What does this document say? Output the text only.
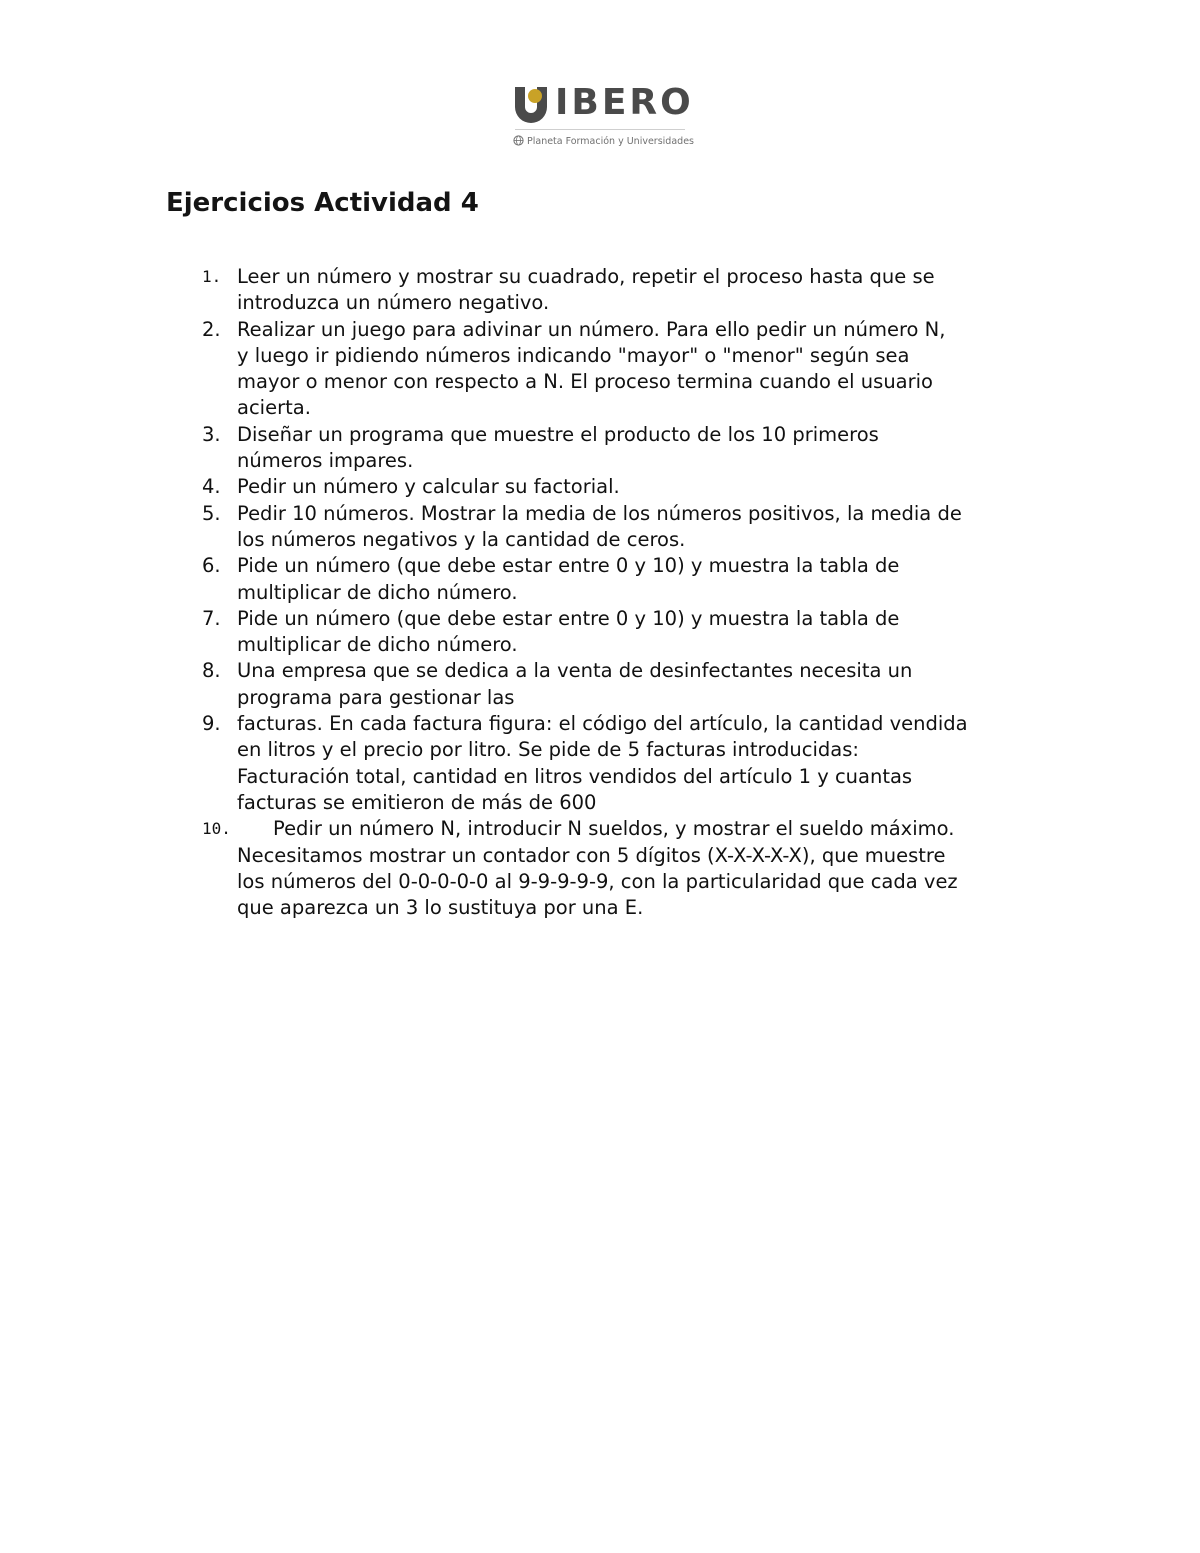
IBERO
Planeta Formación y Universidades
Ejercicios Actividad 4
1. Leer un número y mostrar su cuadrado, repetir el proceso hasta que se
introduzca un número negativo.
2. Realizar un juego para adivinar un número. Para ello pedir un número N,
y luego ir pidiendo números indicando "mayor" o "menor" según sea
mayor o menor con respecto a N. El proceso termina cuando el usuario
acierta.
3. Diseñar un programa que muestre el producto de los 10 primeros
números impares.
4. Pedir un número y calcular su factorial.
5. Pedir 10 números. Mostrar la media de los números positivos, la media de
los números negativos y la cantidad de ceros.
6. Pide un número (que debe estar entre 0 y 10) y muestra la tabla de
multiplicar de dicho número.
7. Pide un número (que debe estar entre 0 y 10) y muestra la tabla de
multiplicar de dicho número.
8. Una empresa que se dedica a la venta de desinfectantes necesita un
programa para gestionar las
9. facturas. En cada factura figura: el código del artículo, la cantidad vendida
en litros y el precio por litro. Se pide de 5 facturas introducidas:
Facturación total, cantidad en litros vendidos del artículo 1 y cuantas
facturas se emitieron de más de 600
10.	Pedir un número N, introducir N sueldos, y mostrar el sueldo máximo.
Necesitamos mostrar un contador con 5 dígitos (X-X-X-X-X), que muestre
los números del 0-0-0-0-0 al 9-9-9-9-9, con la particularidad que cada vez
que aparezca un 3 lo sustituya por una E.
